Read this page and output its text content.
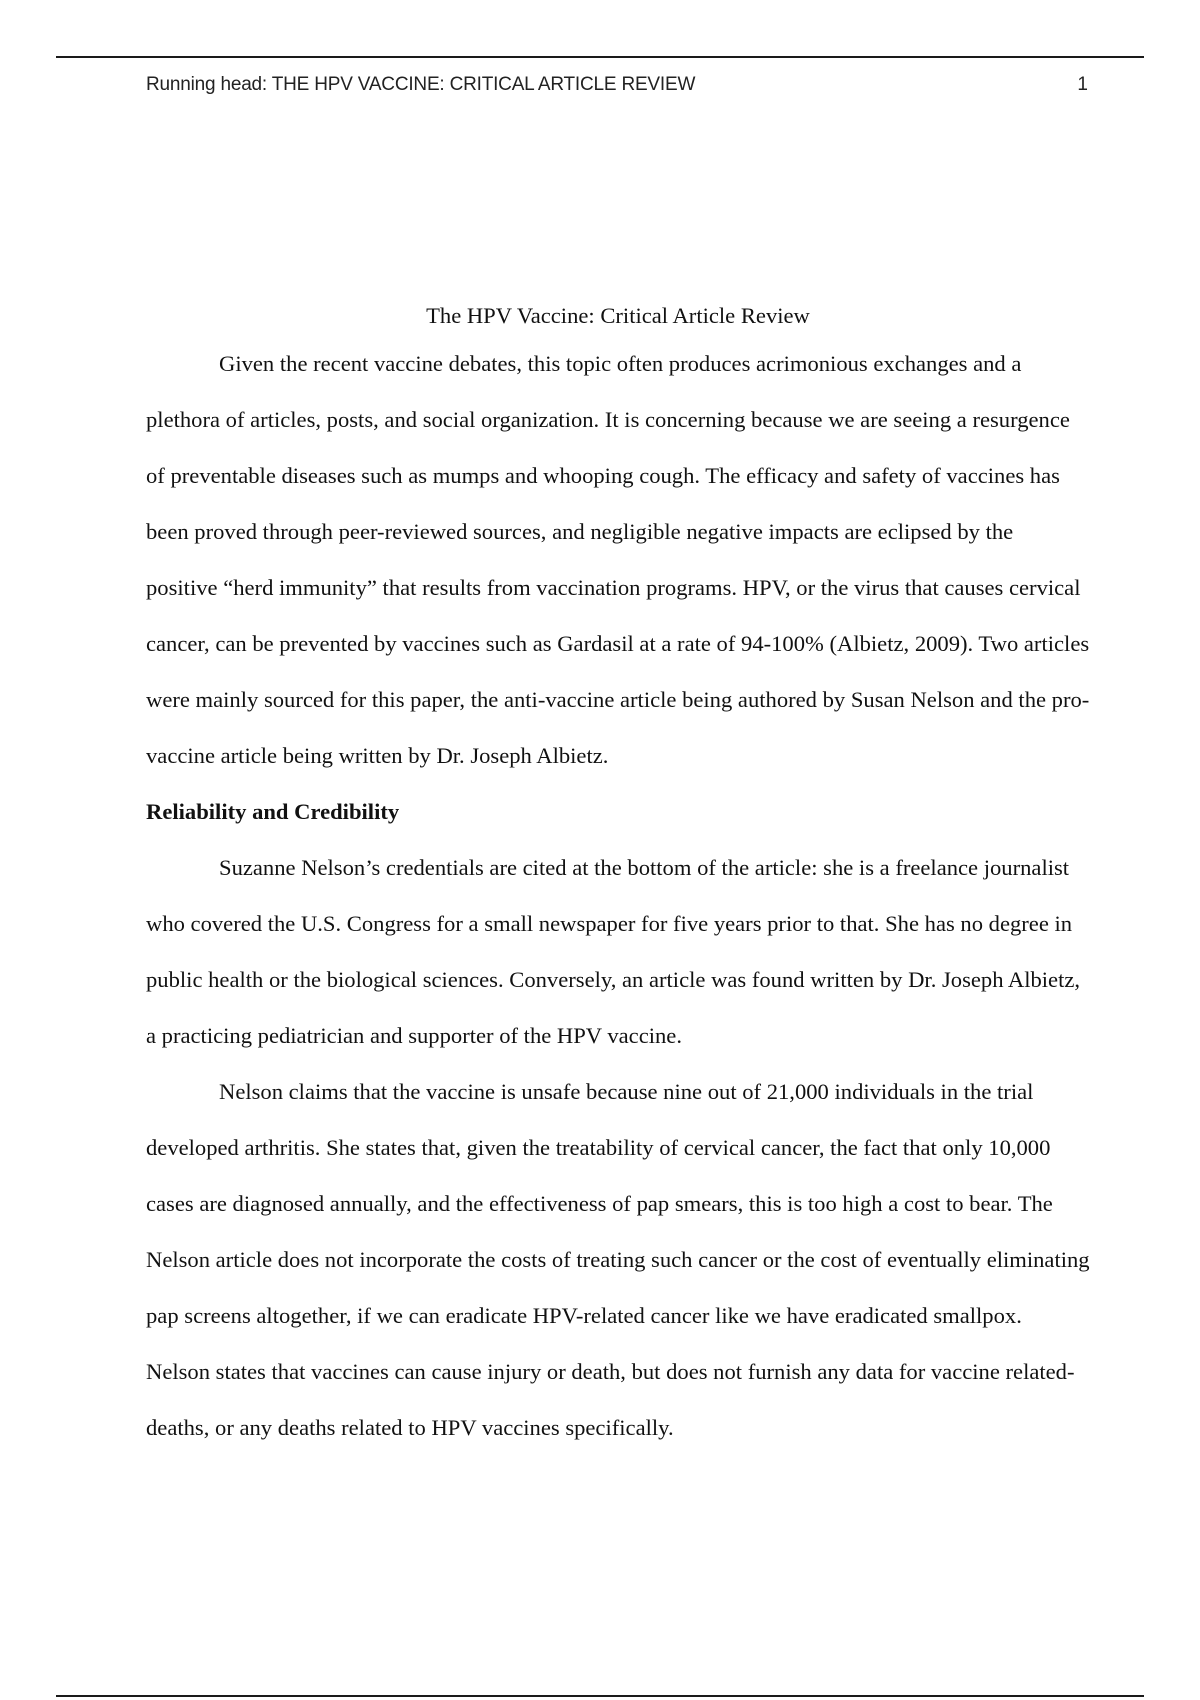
Running head: THE HPV VACCINE: CRITICAL ARTICLE REVIEW	1
The HPV Vaccine: Critical Article Review

Given the recent vaccine debates, this topic often produces acrimonious exchanges and a plethora of articles, posts, and social organization. It is concerning because we are seeing a resurgence of preventable diseases such as mumps and whooping cough. The efficacy and safety of vaccines has been proved through peer-reviewed sources, and negligible negative impacts are eclipsed by the positive “herd immunity” that results from vaccination programs. HPV, or the virus that causes cervical cancer, can be prevented by vaccines such as Gardasil at a rate of 94-100% (Albietz, 2009). Two articles were mainly sourced for this paper, the anti-vaccine article being authored by Susan Nelson and the pro-vaccine article being written by Dr. Joseph Albietz.

Reliability and Credibility

Suzanne Nelson’s credentials are cited at the bottom of the article: she is a freelance journalist who covered the U.S. Congress for a small newspaper for five years prior to that. She has no degree in public health or the biological sciences. Conversely, an article was found written by Dr. Joseph Albietz, a practicing pediatrician and supporter of the HPV vaccine.

Nelson claims that the vaccine is unsafe because nine out of 21,000 individuals in the trial developed arthritis. She states that, given the treatability of cervical cancer, the fact that only 10,000 cases are diagnosed annually, and the effectiveness of pap smears, this is too high a cost to bear. The Nelson article does not incorporate the costs of treating such cancer or the cost of eventually eliminating pap screens altogether, if we can eradicate HPV-related cancer like we have eradicated smallpox. Nelson states that vaccines can cause injury or death, but does not furnish any data for vaccine related-deaths, or any deaths related to HPV vaccines specifically.
